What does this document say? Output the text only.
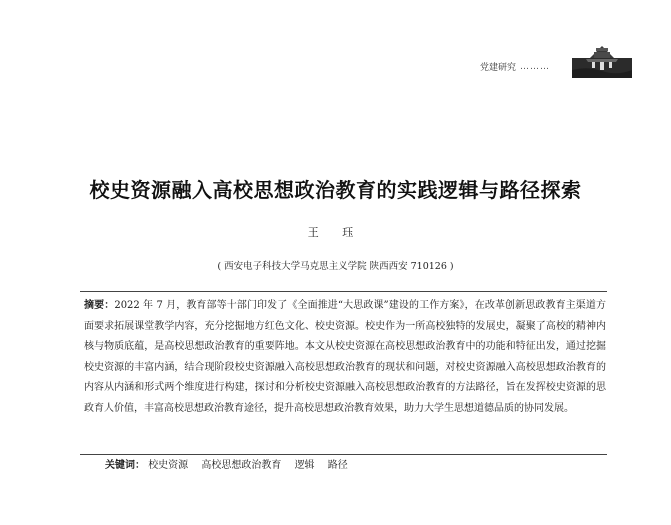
党建研究 ………
校史资源融入高校思想政治教育的实践逻辑与路径探索
王 珏
( 西安电子科技大学马克思主义学院 陕西西安 710126 )

摘要：2022 年 7 月，教育部等十部门印发了《全面推进“大思政课”建设的工作方案》，在改革创新思政教育主渠道方面要求拓展课堂教学内容，充分挖掘地方红色文化、校史资源。校史作为一所高校独特的发展史，凝聚了高校的精神内核与物质底蕴，是高校思想政治教育的重要阵地。本文从校史资源在高校思想政治教育中的功能和特征出发，通过挖掘校史资源的丰富内涵，结合现阶段校史资源融入高校思想政治教育的现状和问题，对校史资源融入高校思想政治教育的内容从内涵和形式两个维度进行构建，探讨和分析校史资源融入高校思想政治教育的方法路径，旨在发挥校史资源的思政育人价值，丰富高校思想政治教育途径，提升高校思想政治教育效果，助力大学生思想道德品质的协同发展。

关键词： 校史资源 高校思想政治教育 逻辑 路径
